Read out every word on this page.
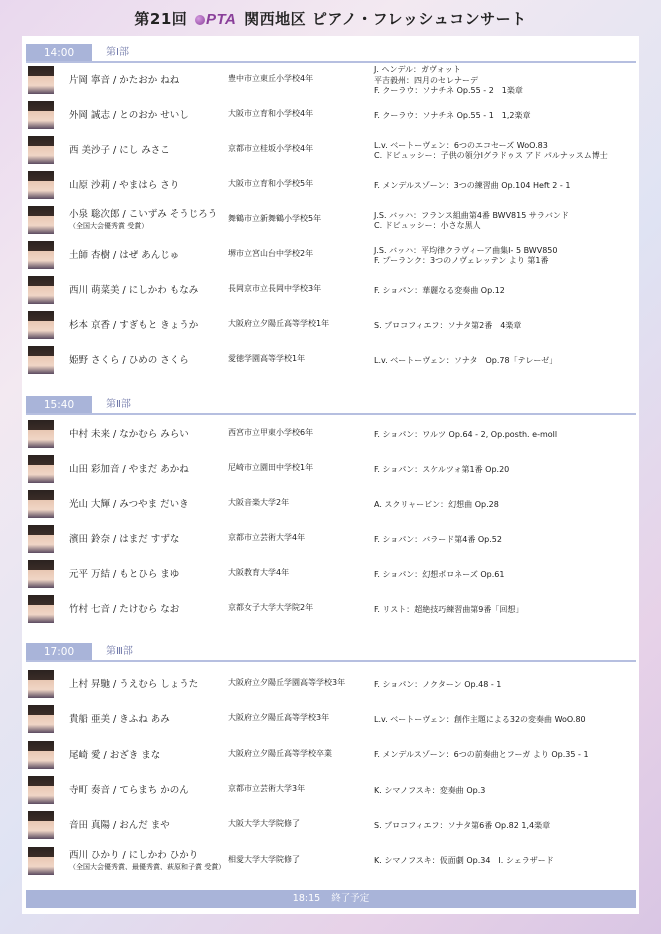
第21回 PTA 関西地区 ピアノ・フレッシュコンサート
14:00	第Ⅰ部
片岡 寧音 / かたおか ねね	豊中市立東丘小学校4年
J. ヘンデル：ガヴォット
平吉毅州：四月のセレナーデ
F. クーラウ：ソナチネ Op.55 - 2　1楽章
外岡 誠志 / とのおか せいし	大阪市立育和小学校4年	F. クーラウ：ソナチネ Op.55 - 1　1,2楽章
西 美沙子 / にし みさこ	京都市立桂坂小学校4年	L.v. ベートーヴェン：6つのエコセーズ WoO.83
C. ドビュッシー：子供の領分Ⅰグラドゥス アド パルナッスム博士
山原 沙莉 / やまはら さり	大阪市立育和小学校5年	F. メンデルスゾーン：3つの練習曲 Op.104 Heft 2 - 1
小泉 聡次郎 / こいずみ そうじろう
（全国大会優秀賞 受賞）
舞鶴市立新舞鶴小学校5年	J.S. バッハ：フランス組曲第4番 BWV815 サラバンド
C. ドビュッシー：小さな黒人
土師 杏樹 / はぜ あんじゅ	堺市立宮山台中学校2年	J.S. バッハ：平均律クラヴィーア曲集Ⅰ- 5 BWV850
F. プーランク：3つのノヴェレッテン より 第1番
西川 萌菜美 / にしかわ もなみ	長岡京市立長岡中学校3年	F. ショパン：華麗なる変奏曲 Op.12
杉本 京香 / すぎもと きょうか	大阪府立夕陽丘高等学校1年	S. プロコフィエフ：ソナタ第2番　4楽章
姫野 さくら / ひめの さくら	愛徳学園高等学校1年	L.v. ベートーヴェン：ソナタ　Op.78「テレーゼ」
15:40	第Ⅱ部
中村 未来 / なかむら みらい	西宮市立甲東小学校6年	F. ショパン：ワルツ Op.64 - 2, Op.posth. e-moll
山田 彩加音 / やまだ あかね	尼崎市立園田中学校1年	F. ショパン：スケルツォ第1番 Op.20
光山 大輝 / みつやま だいき	大阪音楽大学2年	A. スクリャービン：幻想曲 Op.28
濱田 鈴奈 / はまだ すずな	京都市立芸術大学4年	F. ショパン：バラード第4番 Op.52
元平 万結 / もとひら まゆ	大阪教育大学4年	F. ショパン：幻想ポロネーズ Op.61
竹村 七音 / たけむら なお	京都女子大学大学院2年	F. リスト：超絶技巧練習曲第9番「回想」
17:00	第Ⅲ部
上村 昇馳 / うえむら しょうた	大阪府立夕陽丘学園高等学校3年	F. ショパン：ノクターン Op.48 - 1
貴船 亜美 / きふね あみ	大阪府立夕陽丘高等学校3年	L.v. ベートーヴェン：創作主題による32の変奏曲 WoO.80
尾崎 愛 / おざき まな	大阪府立夕陽丘高等学校卒業	F. メンデルスゾーン：6つの前奏曲とフーガ より Op.35 - 1
寺町 奏音 / てらまち かのん	京都市立芸術大学3年	K. シマノフスキ：変奏曲 Op.3
音田 真陽 / おんだ まや	大阪大学大学院修了	S. プロコフィエフ：ソナタ第6番 Op.82 1,4楽章
西川 ひかり / にしかわ ひかり
（全国大会優秀賞、最優秀賞、萩原和子賞 受賞）
相愛大学大学院修了	K. シマノフスキ：仮面劇 Op.34　I. シェラザード
18:15 終了予定
